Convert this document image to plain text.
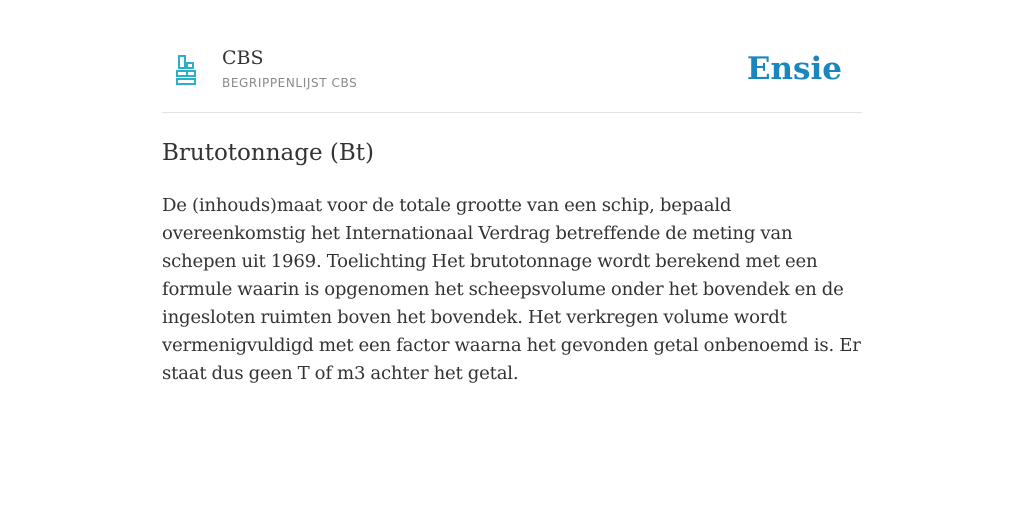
CBS

BEGRIPPENLIJST CBS	Ensie
Brutotonnage (Bt)

De (inhouds)maat voor de totale grootte van een schip, bepaald overeenkomstig het Internationaal Verdrag betreffende de meting van schepen uit 1969. Toelichting Het brutotonnage wordt berekend met een formule waarin is opgenomen het scheepsvolume onder het bovendek en de ingesloten ruimten boven het bovendek. Het verkregen volume wordt vermenigvuldigd met een factor waarna het gevonden getal onbenoemd is. Er staat dus geen T of m3 achter het getal.
